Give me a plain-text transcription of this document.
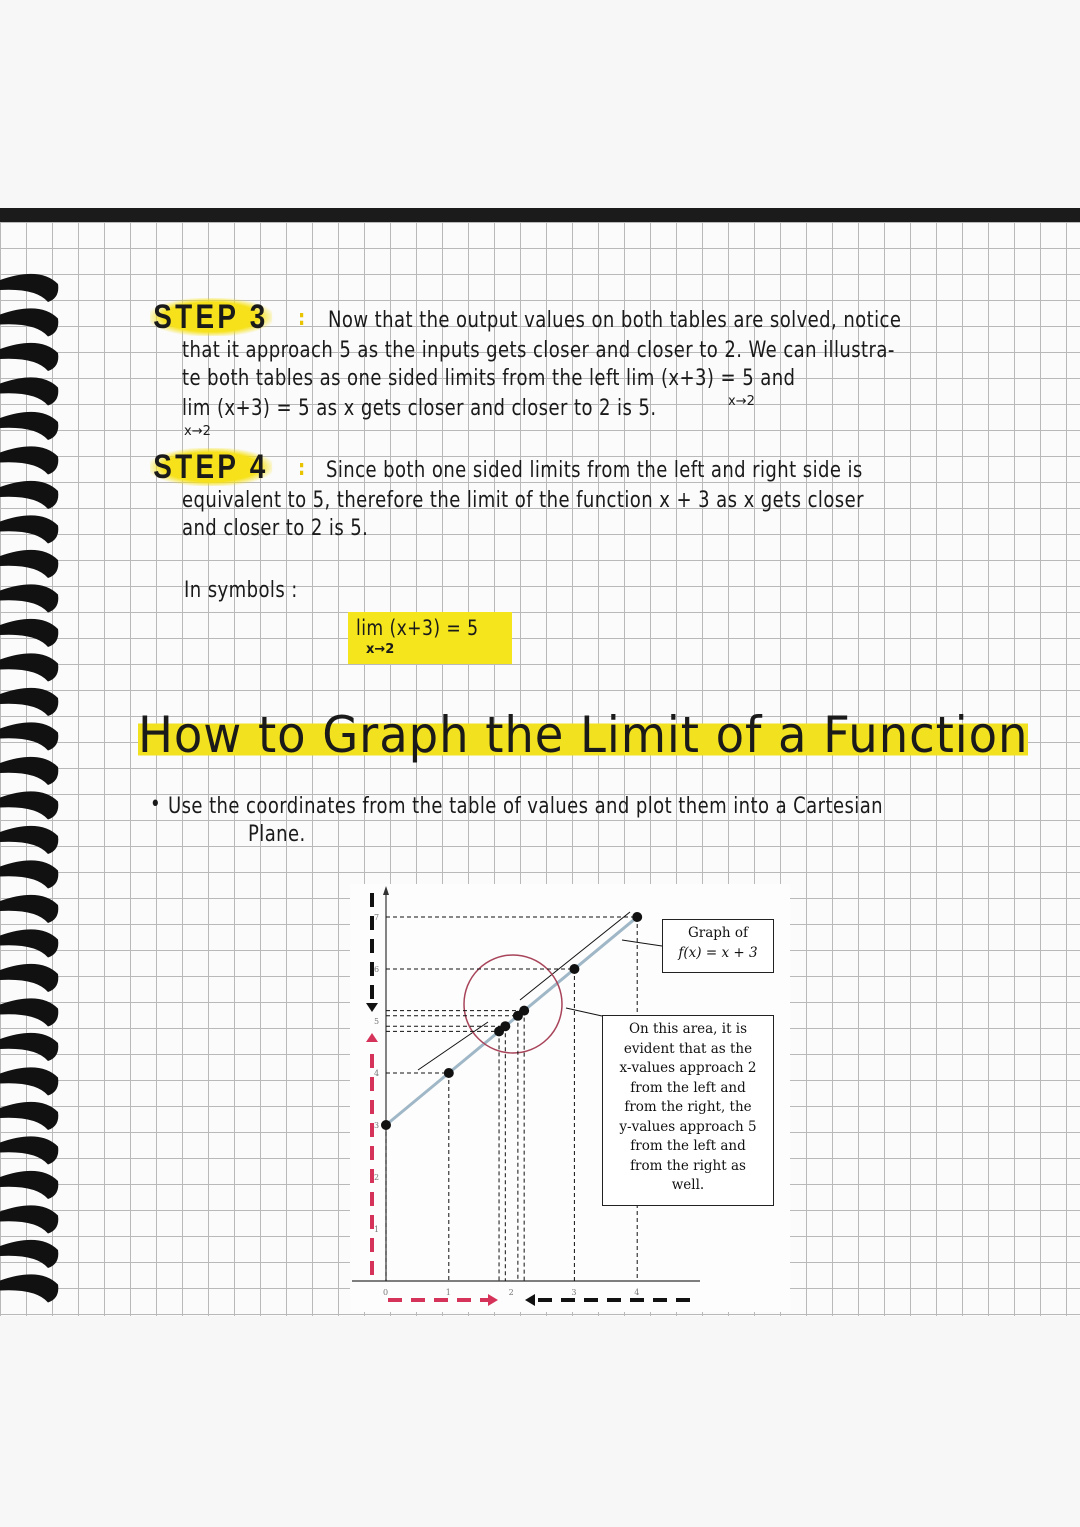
STEP 3 : Now that the output values on both tables are solved, notice
that it approach 5 as the inputs gets closer and closer to 2. We can illustra-
te both tables as one sided limits from the left lim (x+3) = 5 and
lim (x+3) = 5 as x gets closer and closer to 2 is 5.	x→2
x→2
STEP 4 : Since both one sided limits from the left and right side is
equivalent to 5, therefore the limit of the function x + 3 as x gets closer
and closer to 2 is 5.
In symbols :
lim (x+3) = 5
x→2
How to Graph the Limit of a Function
• Use the coordinates from the table of values and plot them into a Cartesian
Plane.
0	1	2	3	4
1
2
3
4
5
6
7
Graph of
f(x) = x + 3
On this area, it is
evident that as the
x-values approach 2
from the left and
from the right, the
y-values approach 5
from the left and
from the right as
well.
